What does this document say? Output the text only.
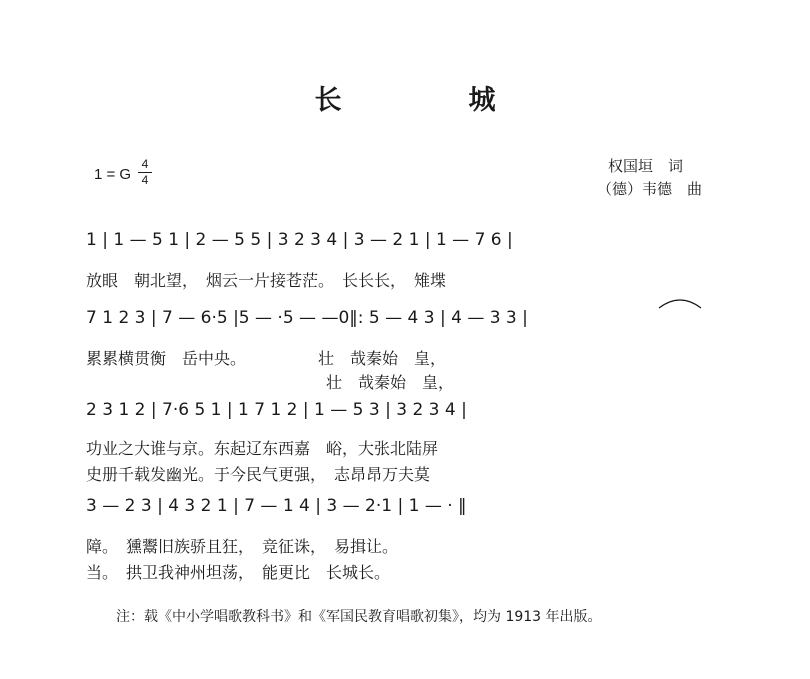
长　城
1 = G
4
4
权国垣　词
（德）韦德　曲
1 | 1 — 5 1 | 2 — 5 5 | 3 2 3 4 | 3 — 2 1 | 1 — 7 6 |
放眼　朝北望，　烟云一片接苍茫。　长长长，　雉堞
7 1 2 3 | 7 — 6·5 |5 — ·5 — —0‖: 5 — 4 3 | 4 — 3 3 |
累累横贯衡　岳中央。　　　　　壮　哉秦始　皇，
　　　　　　　　　　　　　　　壮　哉秦始　皇，
2 3 1 2 | 7·6 5 1 | 1 7 1 2 | 1 — 5 3 | 3 2 3 4 |
功业之大谁与京。东起辽东西嘉　峪，大张北陆屏
史册千载发幽光。于今民气更强，　志昂昂万夫莫
3 — 2 3 | 4 3 2 1 | 7 — 1 4 | 3 — 2·1 | 1 — · ‖
障。　獯鬻旧族骄且狂，　竞征诛，　易揖让。
当。　拱卫我神州坦荡，　能更比　长城长。
注：载《中小学唱歌教科书》和《军国民教育唱歌初集》，均为 1913 年出版。
